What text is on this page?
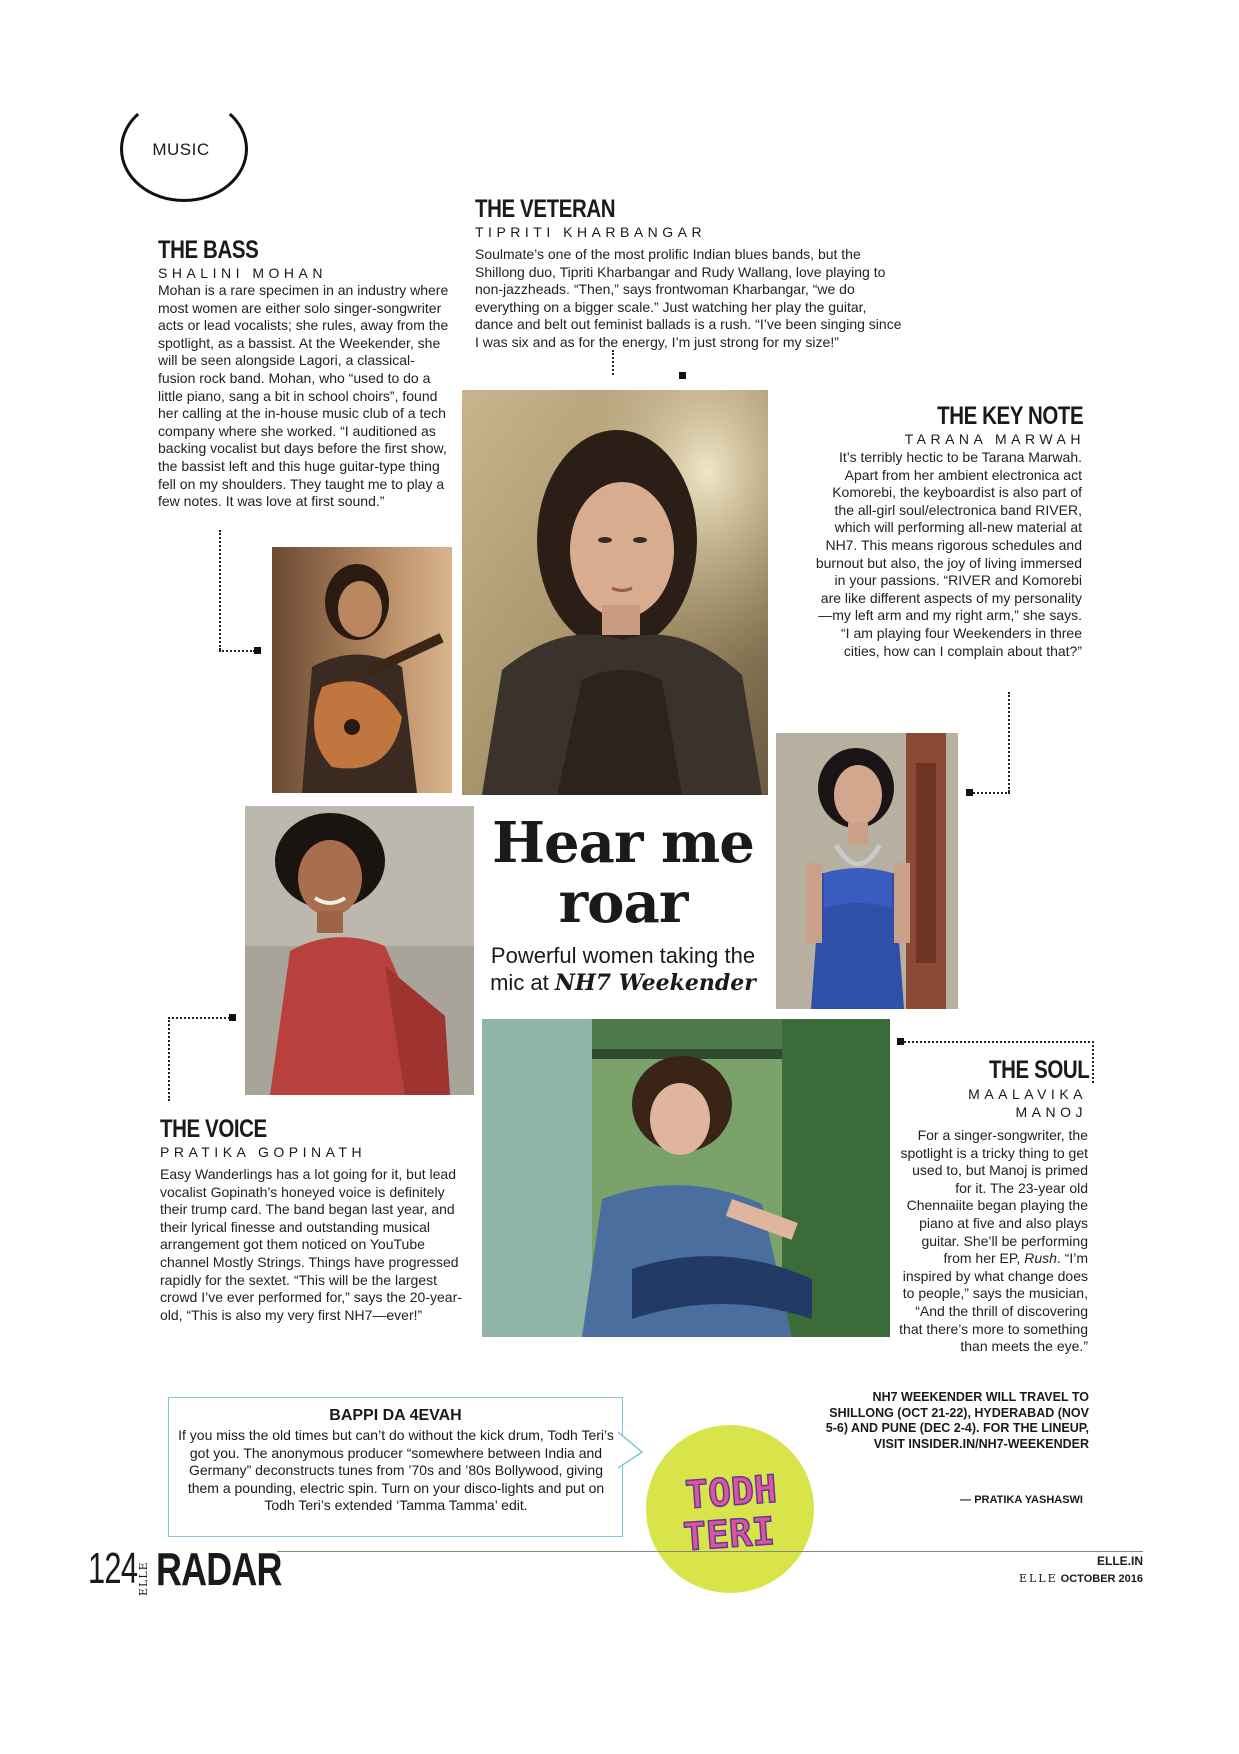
MUSIC
THE BASS
SHALINI MOHAN
Mohan is a rare specimen in an industry where most women are either solo singer-songwriter acts or lead vocalists; she rules, away from the spotlight, as a bassist. At the Weekender, she will be seen alongside Lagori, a classical-fusion rock band. Mohan, who “used to do a little piano, sang a bit in school choirs”, found her calling at the in-house music club of a tech company where she worked. “I auditioned as backing vocalist but days before the first show, the bassist left and this huge guitar-type thing fell on my shoulders. They taught me to play a few notes. It was love at first sound.”
THE VETERAN
TIPRITI KHARBANGAR
Soulmate’s one of the most prolific Indian blues bands, but the Shillong duo, Tipriti Kharbangar and Rudy Wallang, love playing to non-jazzheads. “Then,” says frontwoman Kharbangar, “we do everything on a bigger scale.” Just watching her play the guitar, dance and belt out feminist ballads is a rush. “I’ve been singing since I was six and as for the energy, I’m just strong for my size!”
THE KEY NOTE
TARANA MARWAH
It’s terribly hectic to be Tarana Marwah. Apart from her ambient electronica act Komorebi, the keyboardist is also part of the all-girl soul/electronica band RIVER, which will performing all-new material at NH7. This means rigorous schedules and burnout but also, the joy of living immersed in your passions. “RIVER and Komorebi are like different aspects of my personality—my left arm and my right arm,” she says. “I am playing four Weekenders in three cities, how can I complain about that?”
THE VOICE
PRATIKA GOPINATH
Easy Wanderlings has a lot going for it, but lead vocalist Gopinath’s honeyed voice is definitely their trump card. The band began last year, and their lyrical finesse and outstanding musical arrangement got them noticed on YouTube channel Mostly Strings. Things have progressed rapidly for the sextet. “This will be the largest crowd I’ve ever performed for,” says the 20-year-old, “This is also my very first NH7—ever!”
THE SOUL
MAALAVIKA
MANOJ
For a singer-songwriter, the spotlight is a tricky thing to get used to, but Manoj is primed for it. The 23-year old Chennaiite began playing the piano at five and also plays guitar. She’ll be performing from her EP, Rush. “I’m inspired by what change does to people,” says the musician, “And the thrill of discovering that there’s more to something than meets the eye.”
Hear me roar
Powerful women taking the
mic at NH7 Weekender
BAPPI DA 4EVAH
If you miss the old times but can’t do without the kick drum, Todh Teri’s got you. The anonymous producer “somewhere between India and Germany” deconstructs tunes from ’70s and ’80s Bollywood, giving them a pounding, electric spin. Turn on your disco-lights and put on Todh Teri’s extended ‘Tamma Tamma’ edit.	TODH
TERI
NH7 WEEKENDER WILL TRAVEL TO SHILLONG (OCT 21-22), HYDERABAD (NOV 5-6) AND PUNE (DEC 2-4). FOR THE LINEUP, VISIT INSIDER.IN/NH7-WEEKENDER
— PRATIKA YASHASWI
124 ELLE RADAR	ELLE.IN
ELLE OCTOBER 2016
